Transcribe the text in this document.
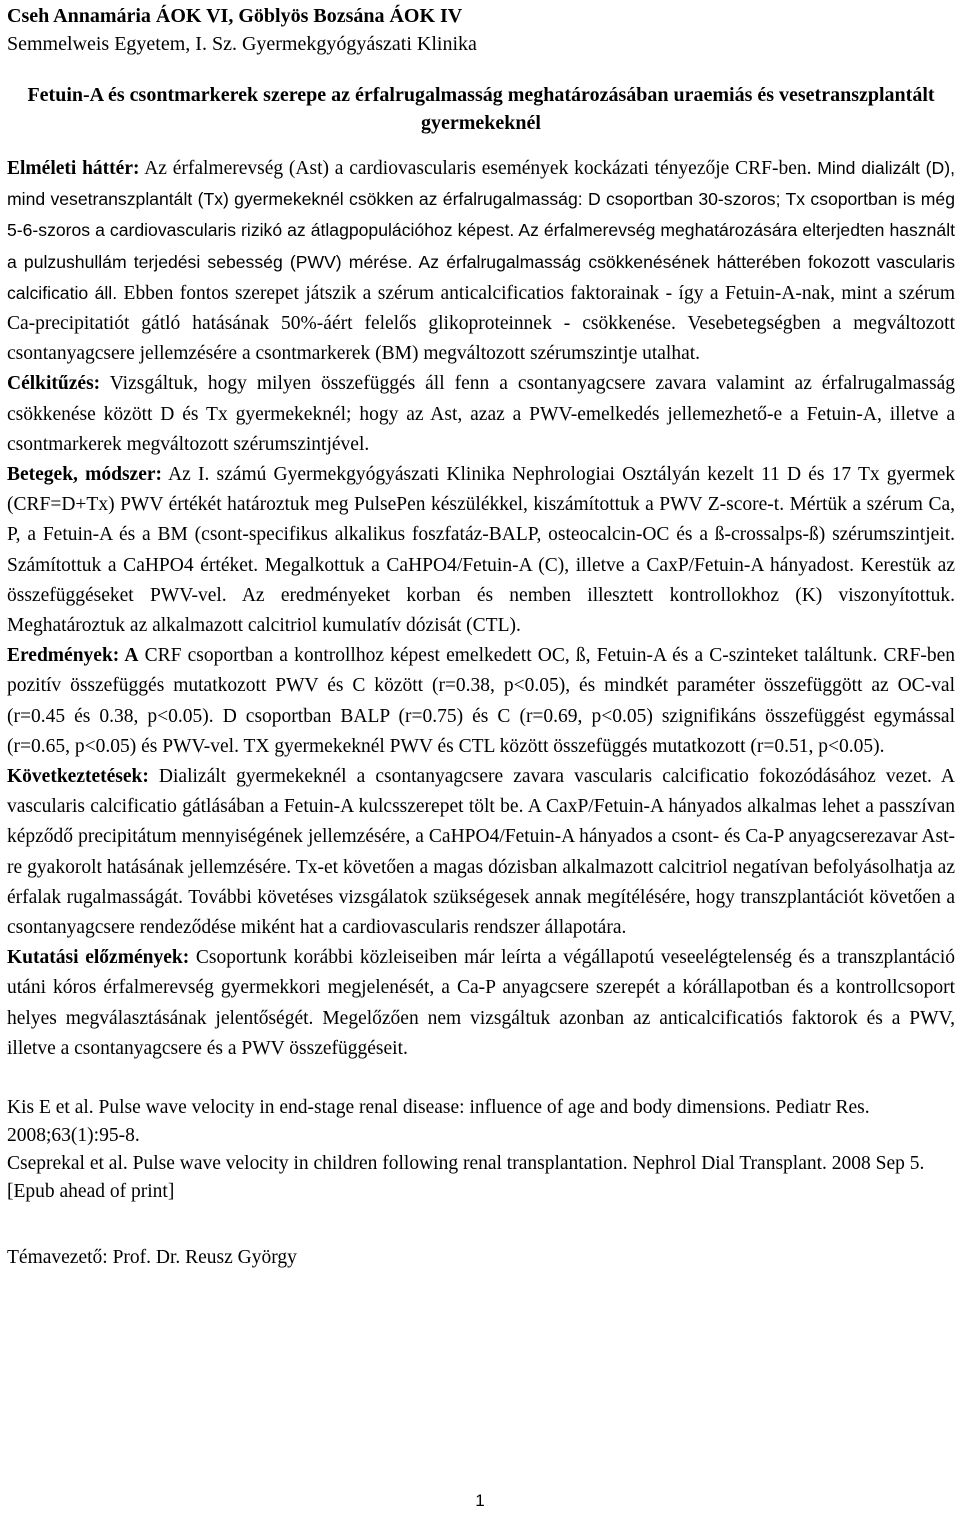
Cseh Annamária ÁOK VI, Göblyös Bozsána ÁOK IV
Semmelweis Egyetem, I. Sz. Gyermekgyógyászati Klinika
Fetuin-A és csontmarkerek szerepe az érfalrugalmasság meghatározásában uraemiás és vesetranszplantált gyermekeknél

Elméleti háttér: Az érfalmerevség (Ast) a cardiovascularis események kockázati tényezője CRF-ben. Mind dializált (D), mind vesetranszplantált (Tx) gyermekeknél csökken az érfalrugalmasság: D csoportban 30-szoros; Tx csoportban is még 5-6-szoros a cardiovascularis rizikó az átlagpopulációhoz képest. Az érfalmerevség meghatározására elterjedten használt a pulzushullám terjedési sebesség (PWV) mérése. Az érfalrugalmasság csökkenésének hátterében fokozott vascularis calcificatio áll. Ebben fontos szerepet játszik a szérum anticalcificatios faktorainak - így a Fetuin-A-nak, mint a szérum Ca-precipitatiót gátló hatásának 50%-áért felelős glikoproteinnek - csökkenése. Vesebetegségben a megváltozott csontanyagcsere jellemzésére a csontmarkerek (BM) megváltozott szérumszintje utalhat.

Célkitűzés: Vizsgáltuk, hogy milyen összefüggés áll fenn a csontanyagcsere zavara valamint az érfalrugalmasság csökkenése között D és Tx gyermekeknél; hogy az Ast, azaz a PWV-emelkedés jellemezhető-e a Fetuin-A, illetve a csontmarkerek megváltozott szérumszintjével.

Betegek, módszer: Az I. számú Gyermekgyógyászati Klinika Nephrologiai Osztályán kezelt 11 D és 17 Tx gyermek (CRF=D+Tx) PWV értékét határoztuk meg PulsePen készülékkel, kiszámítottuk a PWV Z-score-t. Mértük a szérum Ca, P, a Fetuin-A és a BM (csont-specifikus alkalikus foszfatáz-BALP, osteocalcin-OC és a ß-crossalps-ß) szérumszintjeit. Számítottuk a CaHPO4 értéket. Megalkottuk a CaHPO4/Fetuin-A (C), illetve a CaxP/Fetuin-A hányadost. Kerestük az összefüggéseket PWV-vel. Az eredményeket korban és nemben illesztett kontrollokhoz (K) viszonyítottuk. Meghatároztuk az alkalmazott calcitriol kumulatív dózisát (CTL).

Eredmények: A CRF csoportban a kontrollhoz képest emelkedett OC, ß, Fetuin-A és a C-szinteket találtunk. CRF-ben pozitív összefüggés mutatkozott PWV és C között (r=0.38, p<0.05), és mindkét paraméter összefüggött az OC-val (r=0.45 és 0.38, p<0.05). D csoportban BALP (r=0.75) és C (r=0.69, p<0.05) szignifikáns összefüggést egymással (r=0.65, p<0.05) és PWV-vel. TX gyermekeknél PWV és CTL között összefüggés mutatkozott (r=0.51, p<0.05).

Következtetések: Dializált gyermekeknél a csontanyagcsere zavara vascularis calcificatio fokozódásához vezet. A vascularis calcificatio gátlásában a Fetuin-A kulcsszerepet tölt be. A CaxP/Fetuin-A hányados alkalmas lehet a passzívan képződő precipitátum mennyiségének jellemzésére, a CaHPO4/Fetuin-A hányados a csont- és Ca-P anyagcserezavar Ast-re gyakorolt hatásának jellemzésére. Tx-et követően a magas dózisban alkalmazott calcitriol negatívan befolyásolhatja az érfalak rugalmasságát. További követéses vizsgálatok szükségesek annak megítélésére, hogy transzplantációt követően a csontanyagcsere rendeződése miként hat a cardiovascularis rendszer állapotára.

Kutatási előzmények: Csoportunk korábbi közleiseiben már leírta a végállapotú veseelégtelenség és a transzplantáció utáni kóros érfalmerevség gyermekkori megjelenését, a Ca-P anyagcsere szerepét a kórállapotban és a kontrollcsoport helyes megválasztásának jelentőségét. Megelőzően nem vizsgáltuk azonban az anticalcificatiós faktorok és a PWV, illetve a csontanyagcsere és a PWV összefüggéseit.

Kis E et al. Pulse wave velocity in end-stage renal disease: influence of age and body dimensions. Pediatr Res. 2008;63(1):95-8.

Cseprekal et al. Pulse wave velocity in children following renal transplantation. Nephrol Dial Transplant. 2008 Sep 5. [Epub ahead of print]

Témavezető: Prof. Dr. Reusz György
1
